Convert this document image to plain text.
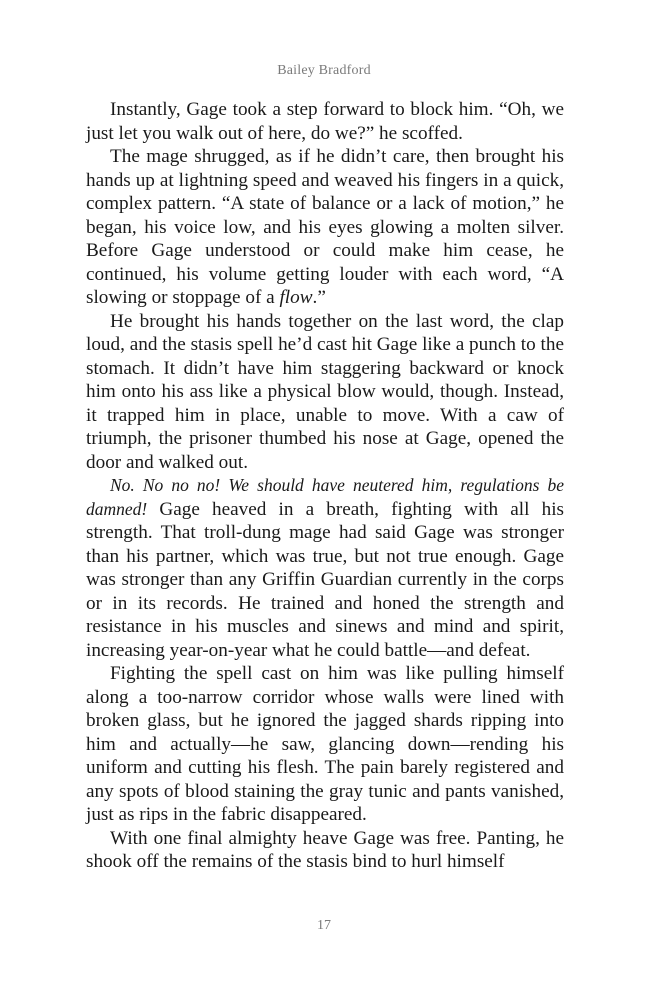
Bailey Bradford

Instantly, Gage took a step forward to block him. “Oh, we just let you walk out of here, do we?” he scoffed.

The mage shrugged, as if he didn’t care, then brought his hands up at lightning speed and weaved his fingers in a quick, complex pattern. “A state of balance or a lack of motion,” he began, his voice low, and his eyes glowing a molten silver. Before Gage understood or could make him cease, he continued, his volume getting louder with each word, “A slowing or stoppage of a flow.”

He brought his hands together on the last word, the clap loud, and the stasis spell he’d cast hit Gage like a punch to the stomach. It didn’t have him staggering backward or knock him onto his ass like a physical blow would, though. Instead, it trapped him in place, unable to move. With a caw of triumph, the prisoner thumbed his nose at Gage, opened the door and walked out.

No. No no no! We should have neutered him, regulations be damned! Gage heaved in a breath, fighting with all his strength. That troll-dung mage had said Gage was stronger than his partner, which was true, but not true enough. Gage was stronger than any Griffin Guardian currently in the corps or in its records. He trained and honed the strength and resistance in his muscles and sinews and mind and spirit, increasing year-on-year what he could battle—and defeat.

Fighting the spell cast on him was like pulling himself along a too-narrow corridor whose walls were lined with broken glass, but he ignored the jagged shards ripping into him and actually—he saw, glancing down—rending his uniform and cutting his flesh. The pain barely registered and any spots of blood staining the gray tunic and pants vanished, just as rips in the fabric disappeared.

With one final almighty heave Gage was free. Panting, he shook off the remains of the stasis bind to hurl himself

17
